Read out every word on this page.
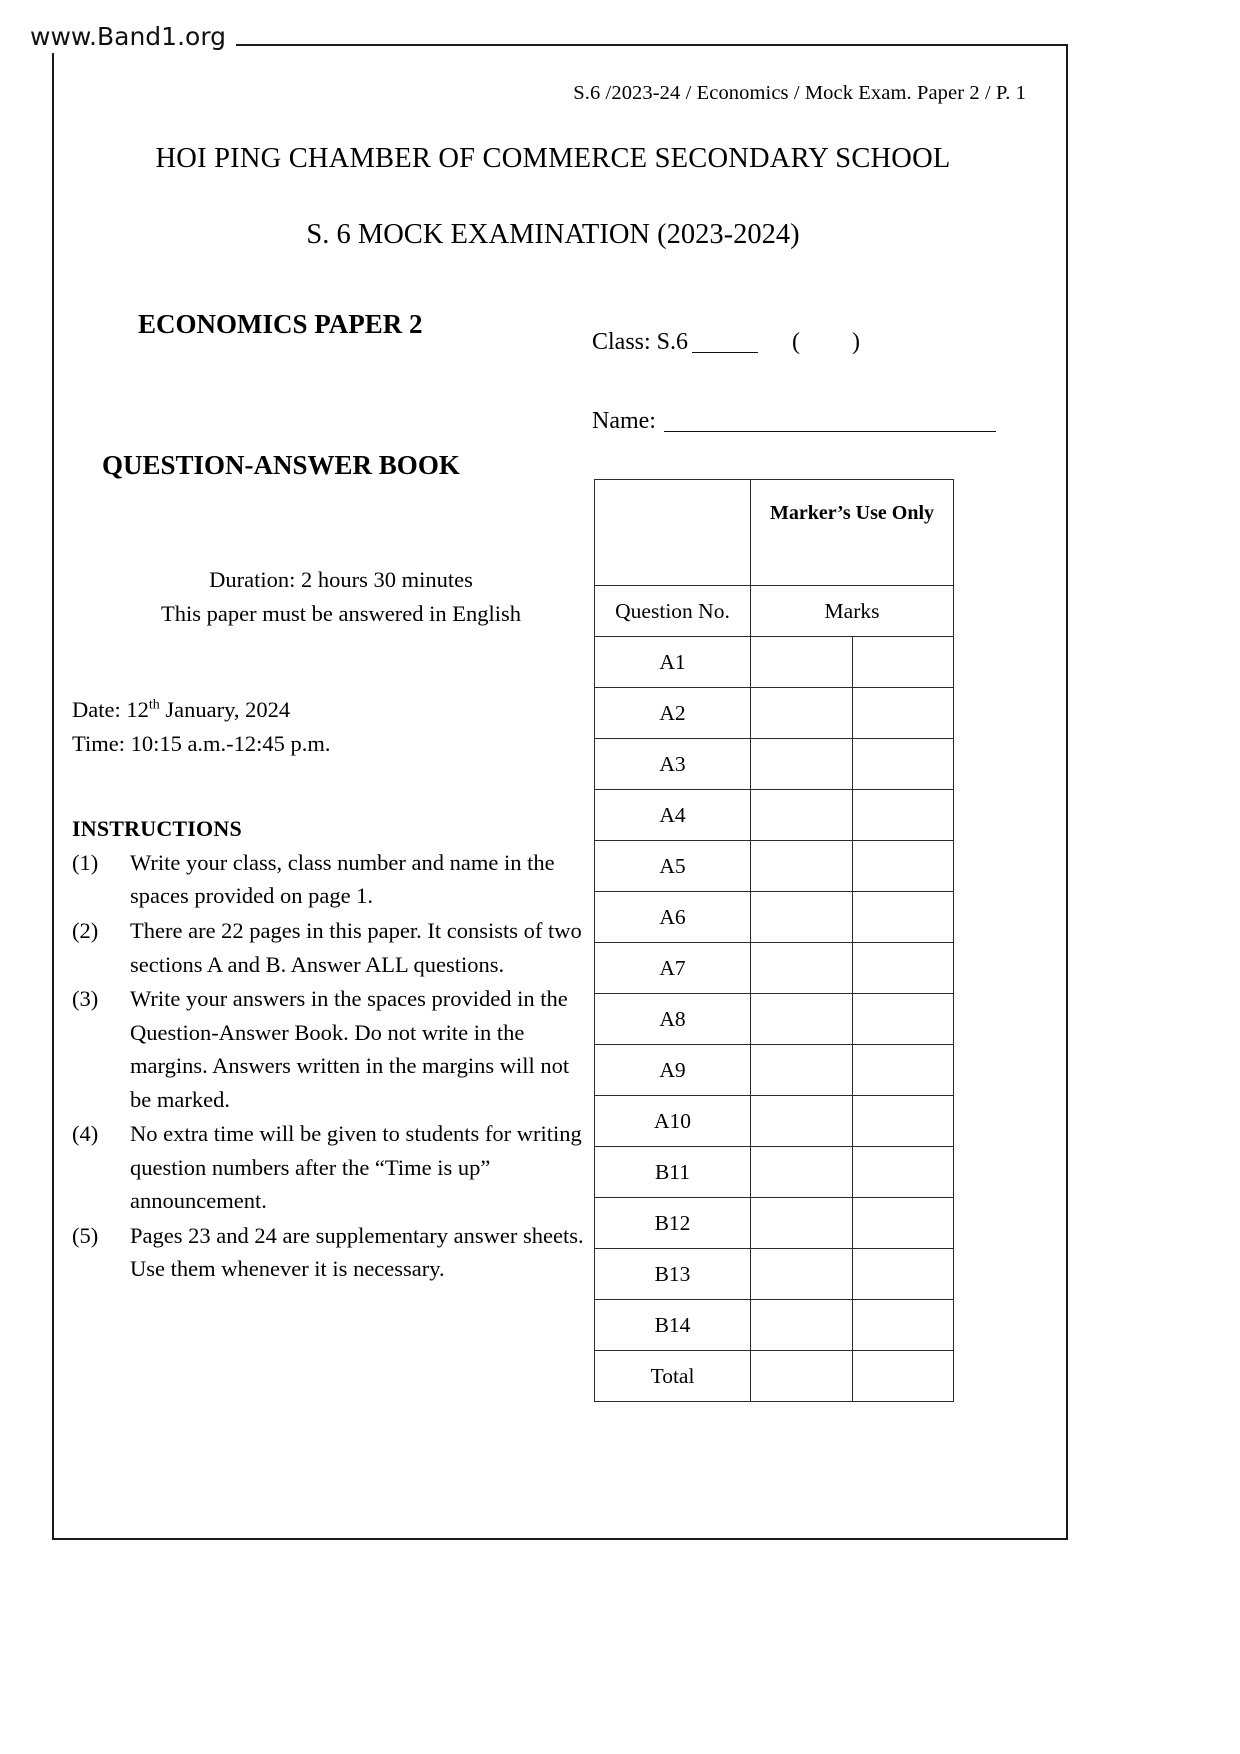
www.Band1.org
S.6 /2023-24 / Economics / Mock Exam. Paper 2 / P. 1
HOI PING CHAMBER OF COMMERCE SECONDARY SCHOOL
S. 6 MOCK EXAMINATION (2023-2024)
ECONOMICS PAPER 2
QUESTION-ANSWER BOOK
Duration: 2 hours 30 minutes
This paper must be answered in English
Date: 12th January, 2024
Time: 10:15 a.m.-12:45 p.m.
INSTRUCTIONS
(1)	Write your class, class number and name in the spaces provided on page 1.
(2)	There are 22 pages in this paper. It consists of two sections A and B. Answer ALL questions.
(3)	Write your answers in the spaces provided in the Question-Answer Book. Do not write in the margins. Answers written in the margins will not be marked.
(4)	No extra time will be given to students for writing question numbers after the “Time is up” announcement.
(5)	Pages 23 and 24 are supplementary answer sheets. Use them whenever it is necessary.
Class: S.6	()
Name:
	Marker’s Use Only	
Question No.	Marks	
A1		
A2		
A3		
A4		
A5		
A6		
A7		
A8		
A9		
A10		
B11		
B12		
B13		
B14		
Total		
